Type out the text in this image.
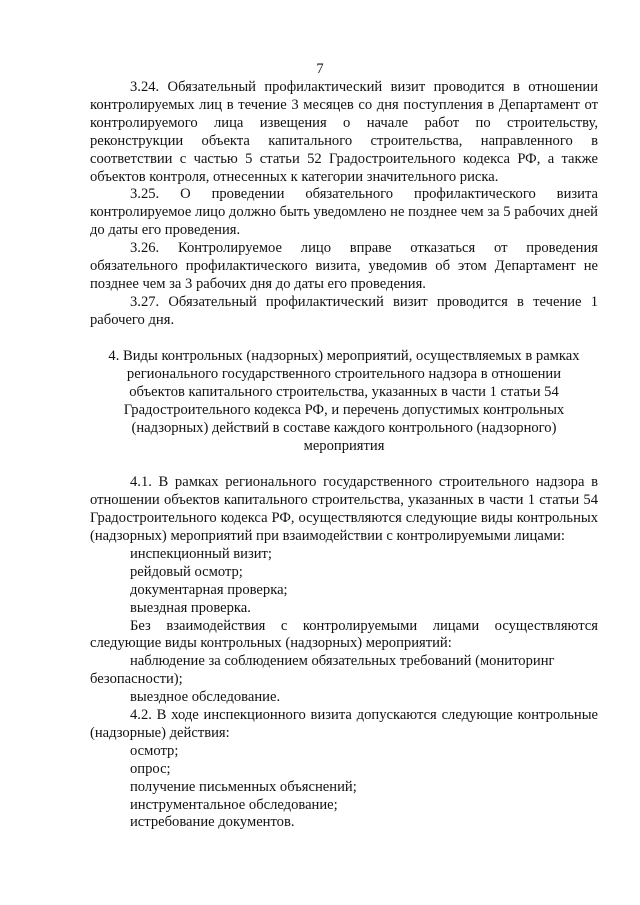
7

3.24. Обязательный профилактический визит проводится в отношении контролируемых лиц в течение 3 месяцев со дня поступления в Департамент от контролируемого лица извещения о начале работ по строительству, реконструкции объекта капитального строительства, направленного в соответствии с частью 5 статьи 52 Градостроительного кодекса РФ, а также объектов контроля, отнесенных к категории значительного риска.

3.25. О проведении обязательного профилактического визита контролируемое лицо должно быть уведомлено не позднее чем за 5 рабочих дней до даты его проведения.

3.26. Контролируемое лицо вправе отказаться от проведения обязательного профилактического визита, уведомив об этом Департамент не позднее чем за 3 рабочих дня до даты его проведения.

3.27. Обязательный профилактический визит проводится в течение 1 рабочего дня.

4. Виды контрольных (надзорных) мероприятий, осуществляемых в рамках регионального государственного строительного надзора в отношении объектов капитального строительства, указанных в части 1 статьи 54 Градостроительного кодекса РФ, и перечень допустимых контрольных (надзорных) действий в составе каждого контрольного (надзорного) мероприятия

4.1. В рамках регионального государственного строительного надзора в отношении объектов капитального строительства, указанных в части 1 статьи 54 Градостроительного кодекса РФ, осуществляются следующие виды контрольных (надзорных) мероприятий при взаимодействии с контролируемыми лицами:

инспекционный визит;

рейдовый осмотр;

документарная проверка;

выездная проверка.

Без взаимодействия с контролируемыми лицами осуществляются следующие виды контрольных (надзорных) мероприятий:

наблюдение за соблюдением обязательных требований (мониторинг

безопасности);

выездное обследование.

4.2. В ходе инспекционного визита допускаются следующие контрольные (надзорные) действия:

осмотр;

опрос;

получение письменных объяснений;

инструментальное обследование;

истребование документов.
